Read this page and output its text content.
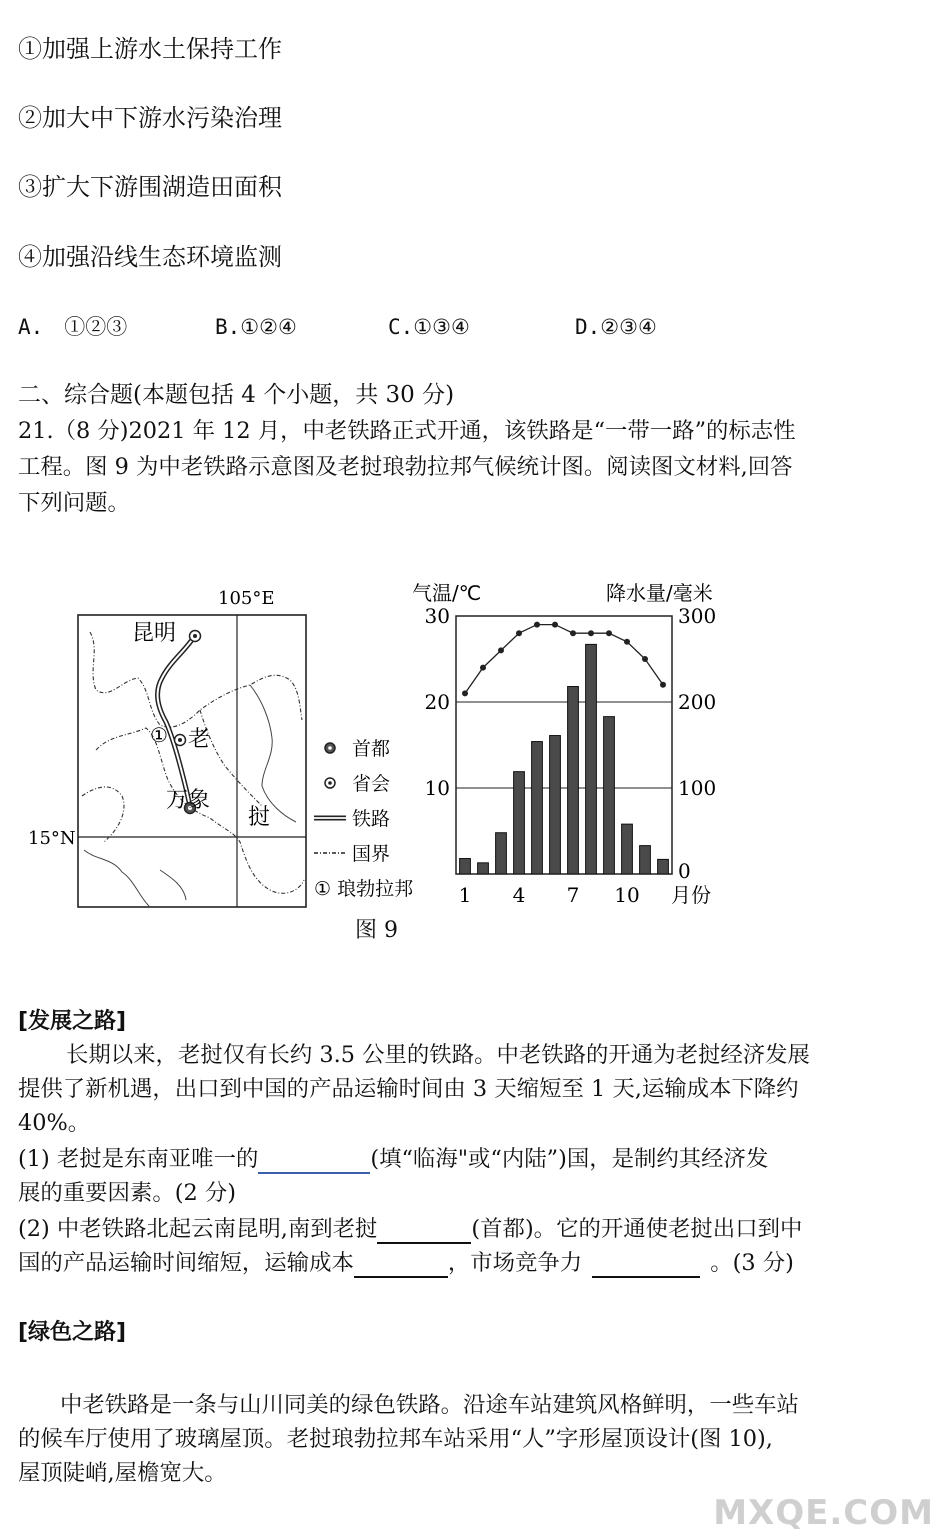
①加强上游水土保持工作
②加大中下游水污染治理
③扩大下游围湖造田面积
④加强沿线生态环境监测
A.　①②③	B.①②④	C.①③④	D.②③④
二、综合题(本题包括 4 个小题，共 30 分)
21.（8 分)2021 年 12 月，中老铁路正式开通，该铁路是“一带一路”的标志性
工程。图 9 为中老铁路示意图及老挝琅勃拉邦气候统计图。阅读图文材料,回答
下列问题。
105°E
15°N
昆明
① 老
万象
挝
首都
省会
铁路
国界
① 琅勃拉邦
气温/℃	降水量/毫米
30
20
10
300
200
100
0
1 4 7 10 月份
图 9
[发展之路]
长期以来，老挝仅有长约 3.5 公里的铁路。中老铁路的开通为老挝经济发展
提供了新机遇，出口到中国的产品运输时间由 3 天缩短至 1 天,运输成本下降约
40%。
(1) 老挝是东南亚唯一的	(填“临海"或“内陆”)国，是制约其经济发
展的重要因素。(2 分)
(2) 中老铁路北起云南昆明,南到老挝	(首都)。它的开通使老挝出口到中
国的产品运输时间缩短，运输成本	，市场竞争力	。(3 分)
[绿色之路]
中老铁路是一条与山川同美的绿色铁路。沿途车站建筑风格鲜明，一些车站
的候车厅使用了玻璃屋顶。老挝琅勃拉邦车站采用“人”字形屋顶设计(图 10),
屋顶陡峭,屋檐宽大。
MXQE.COM
